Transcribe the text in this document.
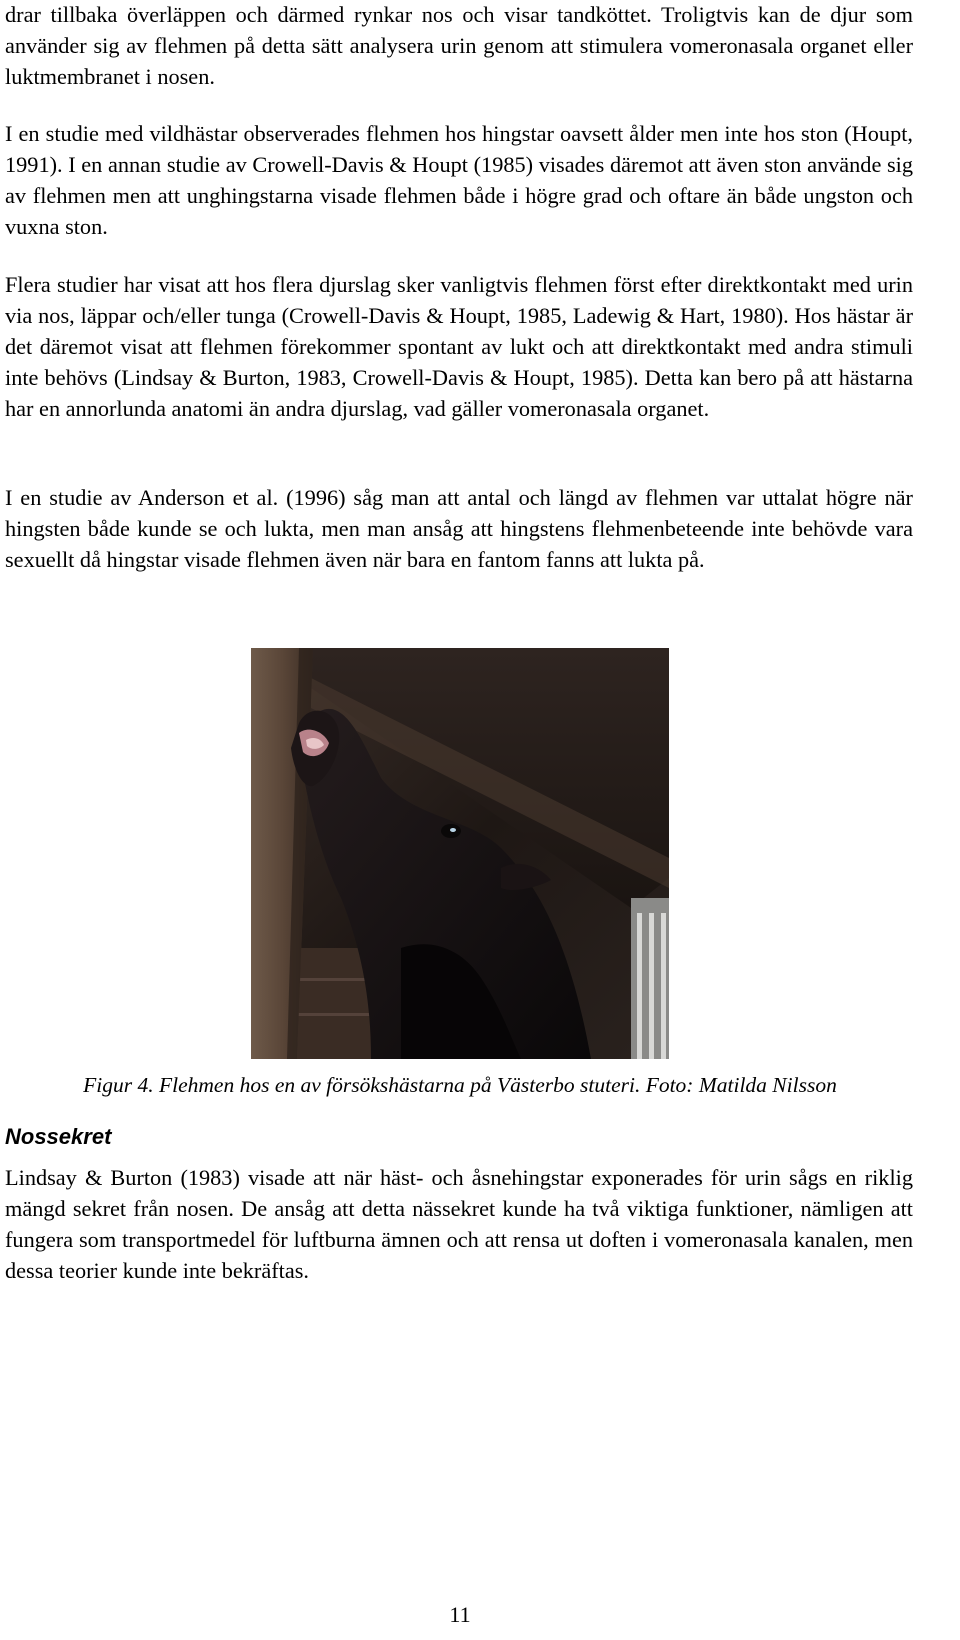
drar tillbaka överläppen och därmed rynkar nos och visar tandköttet. Troligtvis kan de djur som använder sig av flehmen på detta sätt analysera urin genom att stimulera vomeronasala organet eller luktmembranet i nosen.

I en studie med vildhästar observerades flehmen hos hingstar oavsett ålder men inte hos ston (Houpt, 1991). I en annan studie av Crowell-Davis & Houpt (1985) visades däremot att även ston använde sig av flehmen men att unghingstarna visade flehmen både i högre grad och oftare än både ungston och vuxna ston.

Flera studier har visat att hos flera djurslag sker vanligtvis flehmen först efter direktkontakt med urin via nos, läppar och/eller tunga (Crowell-Davis & Houpt, 1985, Ladewig & Hart, 1980). Hos hästar är det däremot visat att flehmen förekommer spontant av lukt och att direktkontakt med andra stimuli inte behövs (Lindsay & Burton, 1983, Crowell-Davis & Houpt, 1985). Detta kan bero på att hästarna har en annorlunda anatomi än andra djurslag, vad gäller vomeronasala organet.

I en studie av Anderson et al. (1996) såg man att antal och längd av flehmen var uttalat högre när hingsten både kunde se och lukta, men man ansåg att hingstens flehmenbeteende inte behövde vara sexuellt då hingstar visade flehmen även när bara en fantom fanns att lukta på.

Figur 4. Flehmen hos en av försökshästarna på Västerbo stuteri. Foto: Matilda Nilsson

Nossekret

Lindsay & Burton (1983) visade att när häst- och åsnehingstar exponerades för urin sågs en riklig mängd sekret från nosen. De ansåg att detta nässekret kunde ha två viktiga funktioner, nämligen att fungera som transportmedel för luftburna ämnen och att rensa ut doften i vomeronasala kanalen, men dessa teorier kunde inte bekräftas.

11
